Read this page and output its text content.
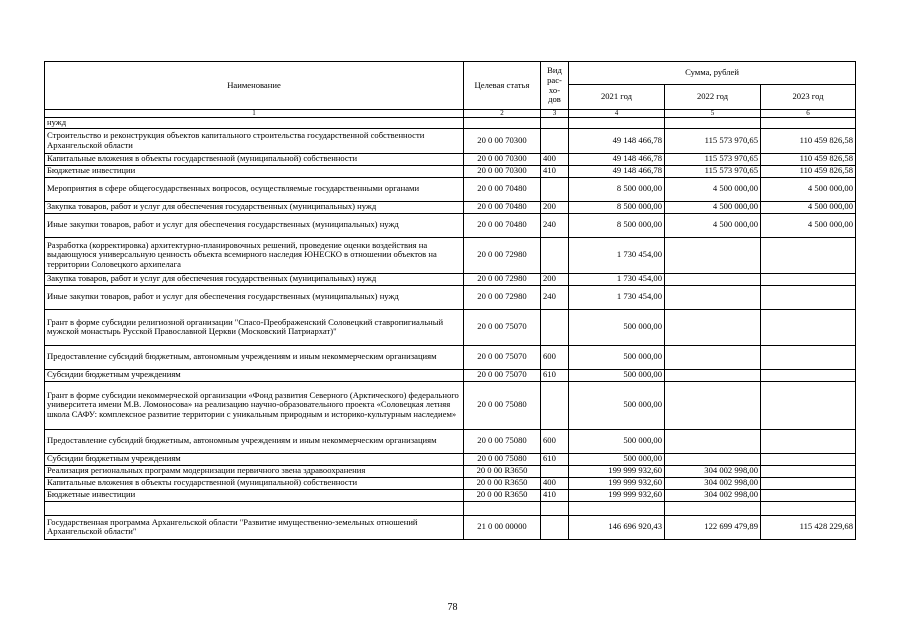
Наименование	Целевая статья	Вид рас-хо-дов	Сумма, рублей		
			2021 год	2022 год	2023 год
1	2	3	4	5	6
нужд					
Строительство и реконструкция объектов капитального строительства государственной собственности Архангельской области	20 0 00 70300		49 148 466,78	115 573 970,65	110 459 826,58
Капитальные вложения в объекты государственной (муниципальной) собственности	20 0 00 70300	400	49 148 466,78	115 573 970,65	110 459 826,58
Бюджетные инвестиции	20 0 00 70300	410	49 148 466,78	115 573 970,65	110 459 826,58
Мероприятия в сфере общегосударственных вопросов, осуществляемые государственными органами	20 0 00 70480		8 500 000,00	4 500 000,00	4 500 000,00
Закупка товаров, работ и услуг для обеспечения государственных (муниципальных) нужд	20 0 00 70480	200	8 500 000,00	4 500 000,00	4 500 000,00
Иные закупки товаров, работ и услуг для обеспечения государственных (муниципальных) нужд	20 0 00 70480	240	8 500 000,00	4 500 000,00	4 500 000,00
Разработка (корректировка) архитектурно-планировочных решений, проведение оценки воздействия на выдающуюся универсальную ценность объекта всемирного наследия ЮНЕСКО в отношении объектов на территории Соловецкого архипелага	20 0 00 72980		1 730 454,00		
Закупка товаров, работ и услуг для обеспечения государственных (муниципальных) нужд	20 0 00 72980	200	1 730 454,00		
Иные закупки товаров, работ и услуг для обеспечения государственных (муниципальных) нужд	20 0 00 72980	240	1 730 454,00		
Грант в форме субсидии религиозной организации "Спасо-Преображенский Соловецкий ставропигиальный мужской монастырь Русской Православной Церкви (Московский Патриархат)"	20 0 00 75070		500 000,00		
Предоставление субсидий бюджетным, автономным учреждениям и иным некоммерческим организациям	20 0 00 75070	600	500 000,00		
Субсидии бюджетным учреждениям	20 0 00 75070	610	500 000,00		
Грант в форме субсидии некоммерческой организации «Фонд развития Северного (Арктического) федерального университета имени М.В. Ломоносова» на реализацию научно-образовательного проекта «Соловецкая летняя школа САФУ: комплексное развитие территории с уникальным природным и историко-культурным наследием»	20 0 00 75080		500 000,00		
Предоставление субсидий бюджетным, автономным учреждениям и иным некоммерческим организациям	20 0 00 75080	600	500 000,00		
Субсидии бюджетным учреждениям	20 0 00 75080	610	500 000,00		
Реализация региональных программ модернизации первичного звена здравоохранения	20 0 00 R3650		199 999 932,60	304 002 998,00	
Капитальные вложения в объекты государственной (муниципальной) собственности	20 0 00 R3650	400	199 999 932,60	304 002 998,00	
Бюджетные инвестиции	20 0 00 R3650	410	199 999 932,60	304 002 998,00	

Государственная программа Архангельской области "Развитие имущественно-земельных отношений Архангельской области"	21 0 00 00000		146 696 920,43	122 699 479,89	115 428 229,68
78
